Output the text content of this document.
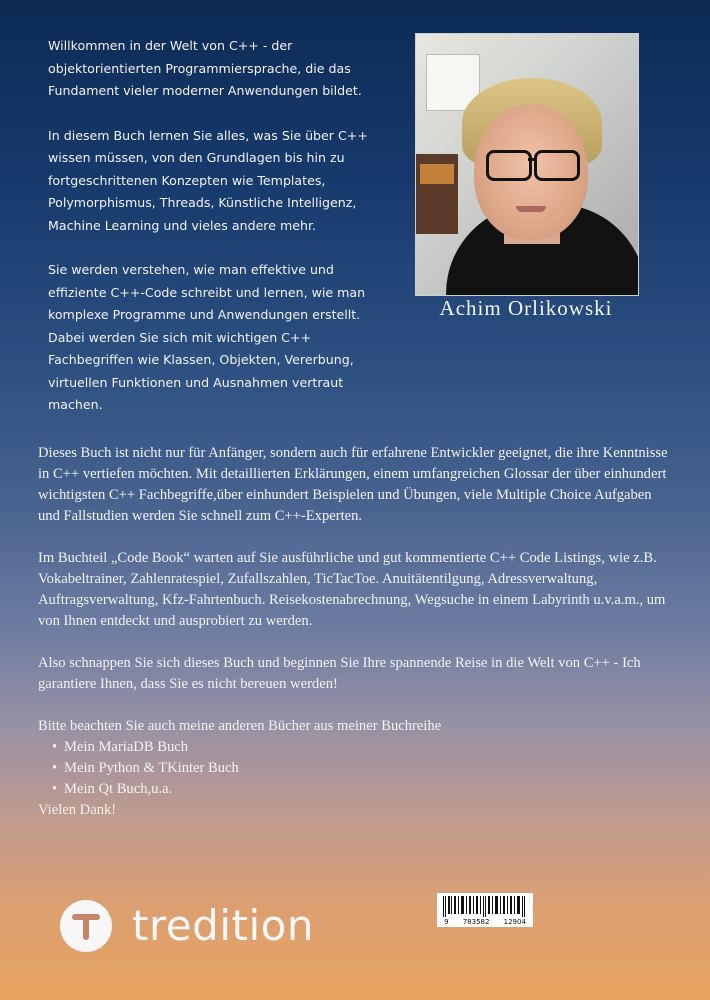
Willkommen in der Welt von C++ - der objektorientierten Programmiersprache, die das Fundament vieler moderner Anwendungen bildet.

In diesem Buch lernen Sie alles, was Sie über C++ wissen müssen, von den Grundlagen bis hin zu fortgeschrittenen Konzepten wie Templates, Polymorphismus, Threads, Künstliche Intelligenz, Machine Learning und vieles andere mehr.

Sie werden verstehen, wie man effektive und effiziente C++-Code schreibt und lernen, wie man komplexe Programme und Anwendungen erstellt. Dabei werden Sie sich mit wichtigen C++ Fachbegriffen wie Klassen, Objekten, Vererbung, virtuellen Funktionen und Ausnahmen vertraut machen.

Achim Orlikowski

Dieses Buch ist nicht nur für Anfänger, sondern auch für erfahrene Entwickler geeignet, die ihre Kenntnisse in C++ vertiefen möchten. Mit detaillierten Erklärungen, einem umfangreichen Glossar der über einhundert wichtigsten C++ Fachbegriffe,über einhundert Beispielen und Übungen, viele Multiple Choice Aufgaben und Fallstudien werden Sie schnell zum C++-Experten.

Im Buchteil „Code Book“ warten auf Sie ausführliche und gut kommentierte C++ Code Listings, wie z.B. Vokabeltrainer, Zahlenratespiel, Zufallszahlen, TicTacToe. Anuitätentilgung, Adressverwaltung, Auftragsverwaltung, Kfz-Fahrtenbuch. Reisekostenabrechnung, Wegsuche in einem Labyrinth u.v.a.m., um von Ihnen entdeckt und ausprobiert zu werden.

Also schnappen Sie sich dieses Buch und beginnen Sie Ihre spannende Reise in die Welt von C++ - Ich garantiere Ihnen, dass Sie es nicht bereuen werden!

Bitte beachten Sie auch meine anderen Bücher aus meiner Buchreihe
• Mein MariaDB Buch
• Mein Python & TKinter Buch
• Mein Qt Buch,u.a.
Vielen Dank!
tredition	9 783582 12904
